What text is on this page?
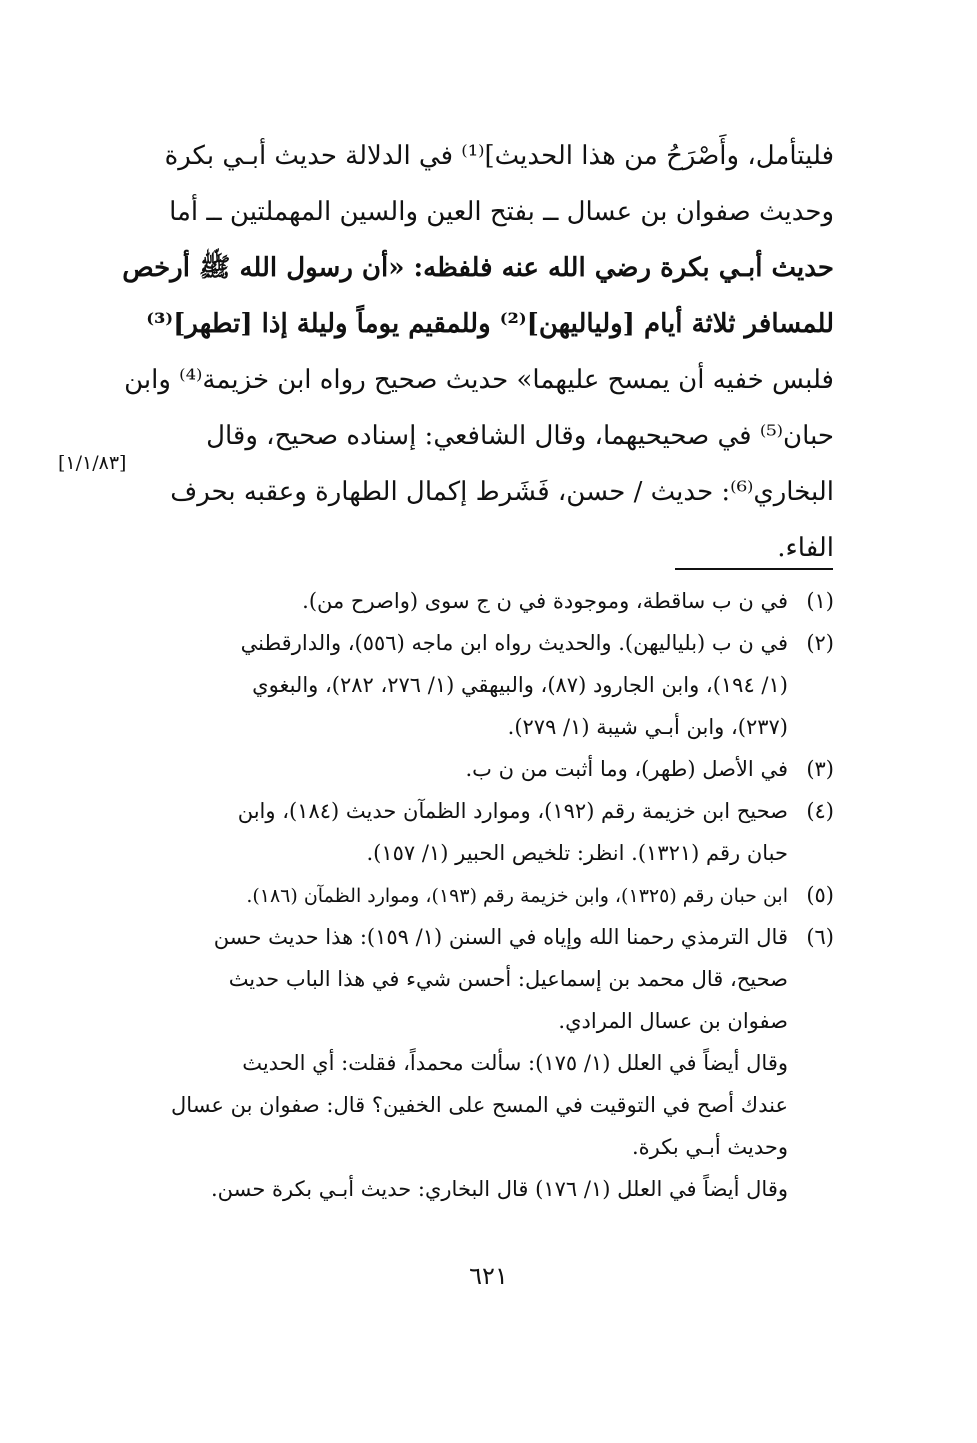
فليتأمل، وأَصْرَحُ من هذا الحديث]⁽¹⁾ في الدلالة حديث أبـي بكرة
وحديث صفوان بن عسال ــ بفتح العين والسين المهملتين ــ أما
حديث أبـي بكرة رضي الله عنه فلفظه: «أن رسول الله ﷺ أرخص
للمسافر ثلاثة أيام [ولياليهن]⁽²⁾ وللمقيم يوماً وليلة إذا [تطهر]⁽³⁾
فلبس خفيه أن يمسح عليهما» حديث صحيح رواه ابن خزيمة⁽⁴⁾ وابن
حبان⁽⁵⁾ في صحيحيهما، وقال الشافعي: إسناده صحيح، وقال
البخاري⁽⁶⁾: حديث / حسن، فَشَرط إكمال الطهارة وعقبه بحرف
الفاء.
[١/١/٨٣]
(١)في ن ب ساقطة، وموجودة في ن ج سوى (واصرح من).
(٢)في ن ب (بلياليهن). والحديث رواه ابن ماجه (٥٥٦)، والدارقطني
(١/ ١٩٤)، وابن الجارود (٨٧)، والبيهقي (١/ ٢٧٦، ٢٨٢)، والبغوي
(٢٣٧)، وابن أبـي شيبة (١/ ٢٧٩).
(٣)في الأصل (طهر)، وما أثبت من ن ب.
(٤)صحيح ابن خزيمة رقم (١٩٢)، وموارد الظمآن حديث (١٨٤)، وابن
حبان رقم (١٣٢١). انظر: تلخيص الحبير (١/ ١٥٧).
(٥)ابن حبان رقم (١٣٢٥)، وابن خزيمة رقم (١٩٣)، وموارد الظمآن (١٨٦).
(٦)قال الترمذي رحمنا الله وإياه في السنن (١/ ١٥٩): هذا حديث حسن
صحيح، قال محمد بن إسماعيل: أحسن شيء في هذا الباب حديث
صفوان بن عسال المرادي.
وقال أيضاً في العلل (١/ ١٧٥): سألت محمداً، فقلت: أي الحديث
عندك أصح في التوقيت في المسح على الخفين؟ قال: صفوان بن عسال
وحديث أبـي بكرة.
وقال أيضاً في العلل (١/ ١٧٦) قال البخاري: حديث أبـي بكرة حسن.
٦٢١
